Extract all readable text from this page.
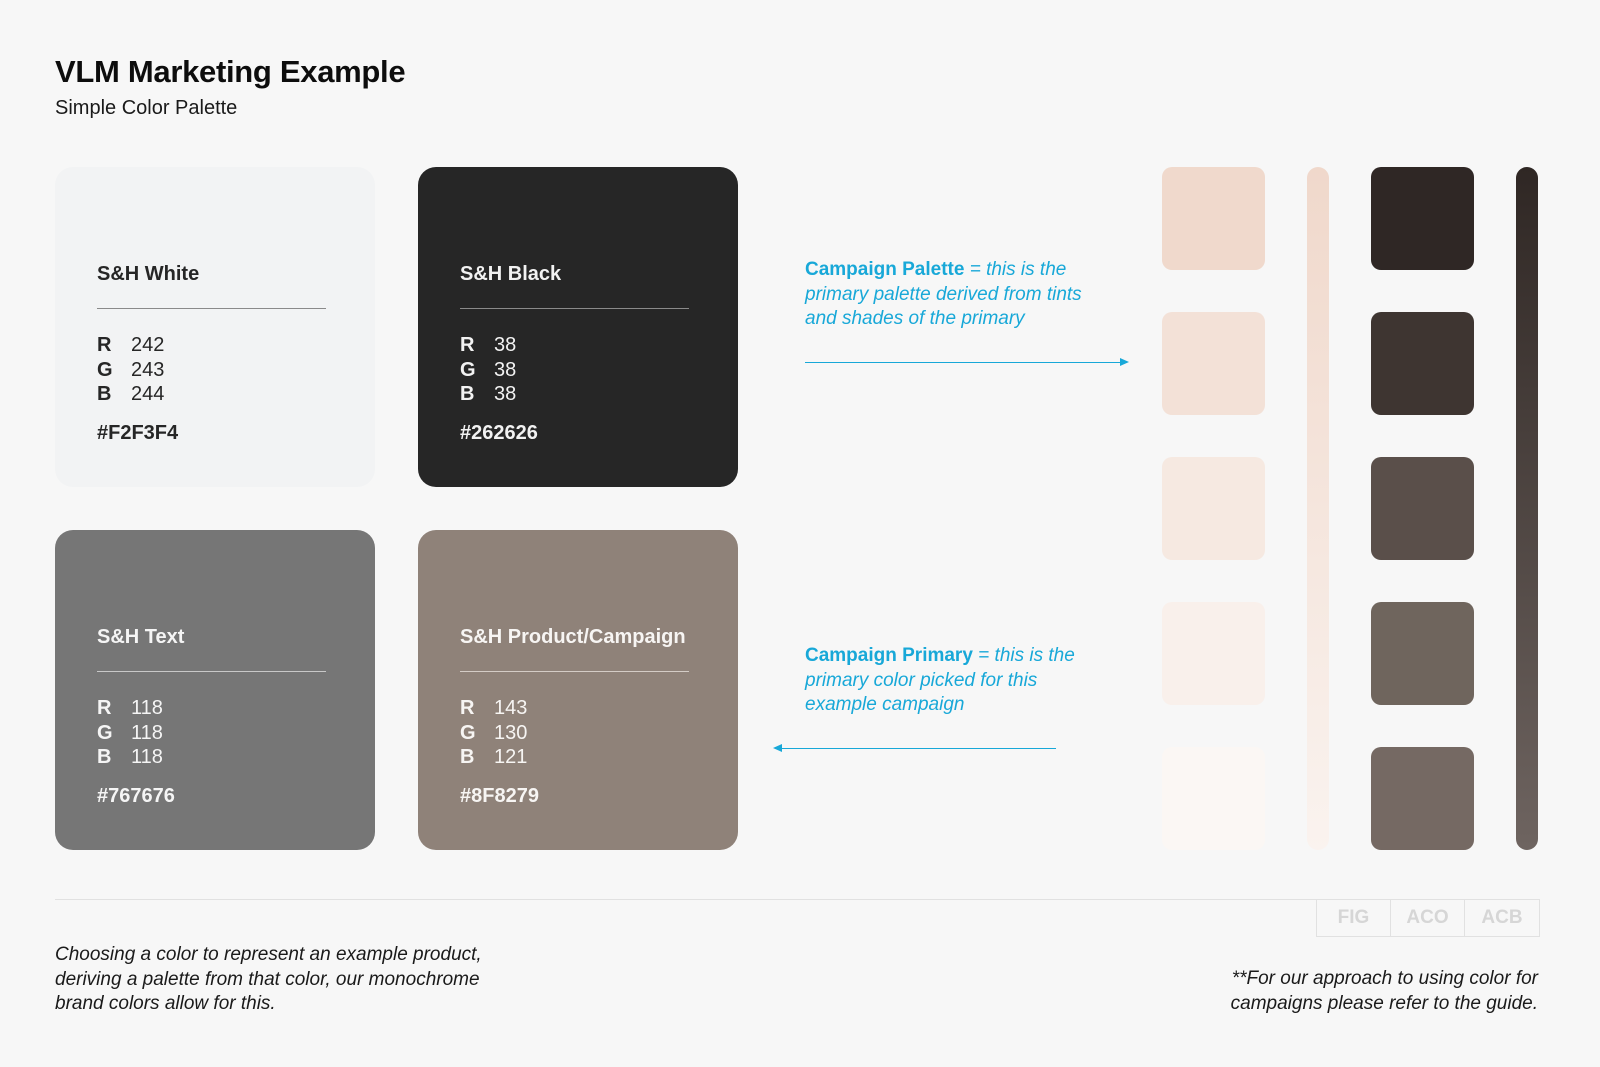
VLM Marketing Example
Simple Color Palette
S&H White
R 242
G 243
B 244
#F2F3F4
S&H Black
R 38
G 38
B 38
#262626
S&H Text
R 118
G 118
B 118
#767676
S&H Product/Campaign
R 143
G 130
B 121
#8F8279
Campaign Palette = this is the primary palette derived from tints and shades of the primary
Campaign Primary = this is the primary color picked for this example campaign
FIG	ACO	ACB
Choosing a color to represent an example product, deriving a palette from that color, our monochrome brand colors allow for this.
**For our approach to using color for campaigns please refer to the guide.
